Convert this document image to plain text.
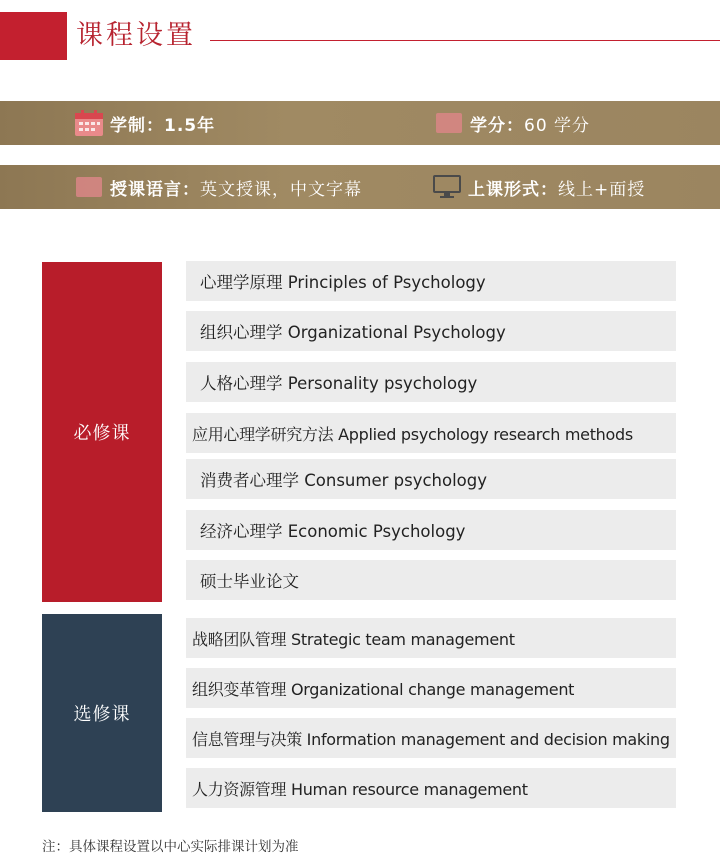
课程设置
学制： 1.5年	学分： 60 学分
授课语言： 英文授课，中文字幕	上课形式： 线上+面授
必修课
心理学原理 Principles of Psychology
组织心理学 Organizational Psychology
人格心理学 Personality psychology
应用心理学研究方法 Applied psychology research methods
消费者心理学 Consumer psychology
经济心理学 Economic Psychology
硕士毕业论文
选修课
战略团队管理 Strategic team management
组织变革管理 Organizational change management
信息管理与决策 Information management and decision making
人力资源管理 Human resource management
注：具体课程设置以中心实际排课计划为准
